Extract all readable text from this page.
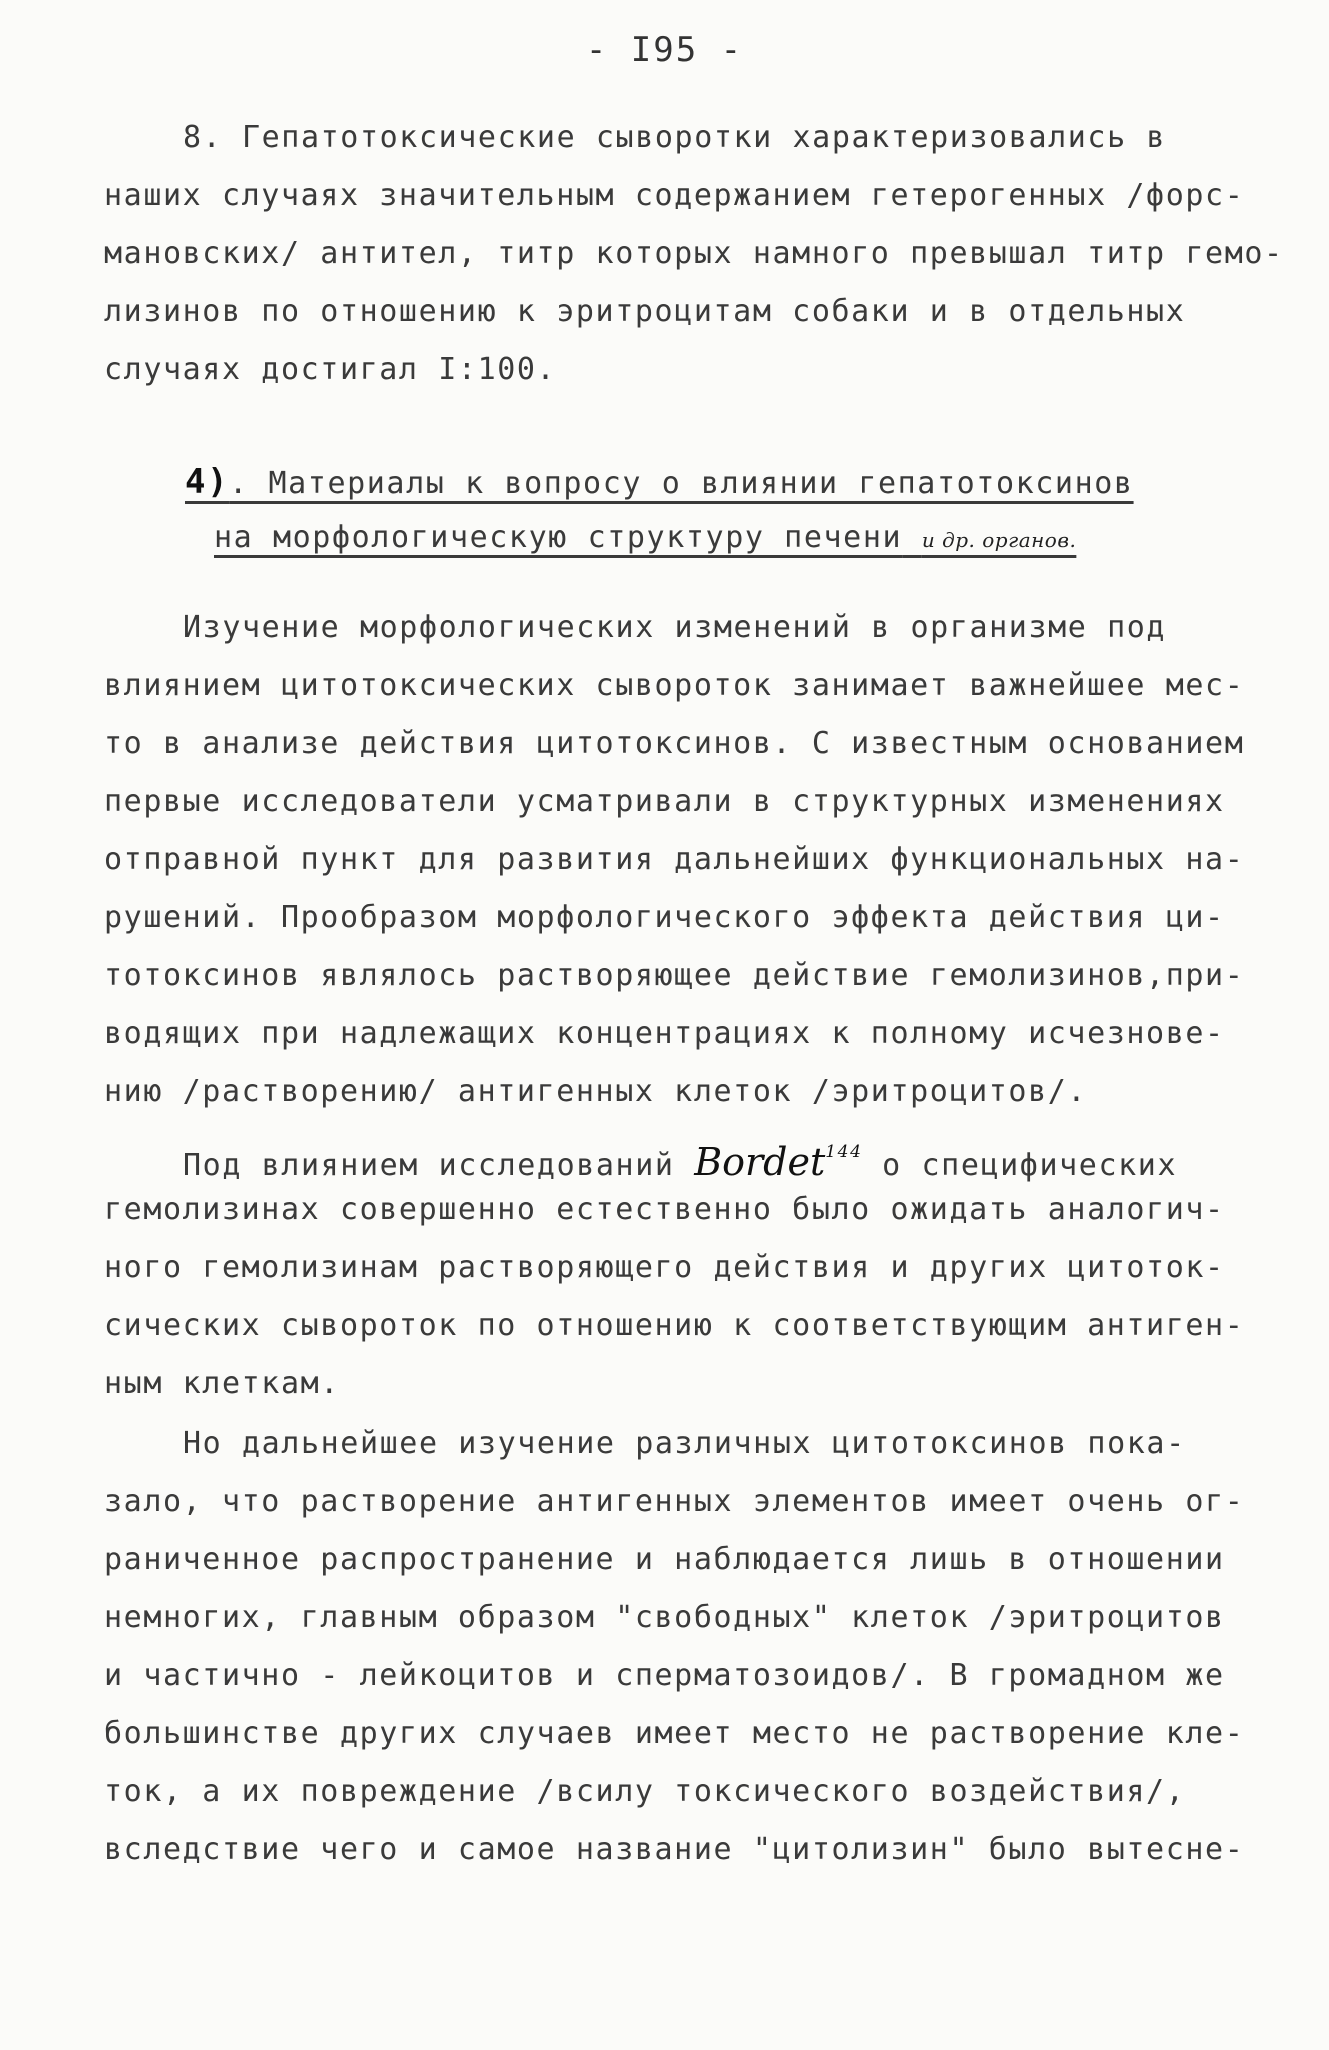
- I95 -
8. Гепатотоксические сыворотки характеризовались в
наших случаях значительным содержанием гетерогенных /форс-
мановских/ антител, титр которых намного превышал титр гемо-
лизинов по отношению к эритроцитам собаки и в отдельных
случаях достигал I:100.
4). Материалы к вопросу о влиянии гепатотоксинов
на морфологическую структуру печени и др. органов.
Изучение морфологических изменений в организме под
влиянием цитотоксических сывороток занимает важнейшее мес-
то в анализе действия цитотоксинов. С известным основанием
первые исследователи усматривали в структурных изменениях
отправной пункт для развития дальнейших функциональных на-
рушений. Прообразом морфологического эффекта действия ци-
тотоксинов являлось растворяющее действие гемолизинов,при-
водящих при надлежащих концентрациях к полному исчезнове-
нию /растворению/ антигенных клеток /эритроцитов/.
Под влиянием исследований Bordet$^{144}$ о специфических
гемолизинах совершенно естественно было ожидать аналогич-
ного гемолизинам растворяющего действия и других цитоток-
сических сывороток по отношению к соответствующим антиген-
ным клеткам.
Но дальнейшее изучение различных цитотоксинов пока-
зало, что растворение антигенных элементов имеет очень ог-
раниченное распространение и наблюдается лишь в отношении
немногих, главным образом "свободных" клеток /эритроцитов
и частично - лейкоцитов и сперматозоидов/. В громадном же
большинстве других случаев имеет место не растворение кле-
ток, а их повреждение /всилу токсического воздействия/,
вследствие чего и самое название "цитолизин" было вытесне-
